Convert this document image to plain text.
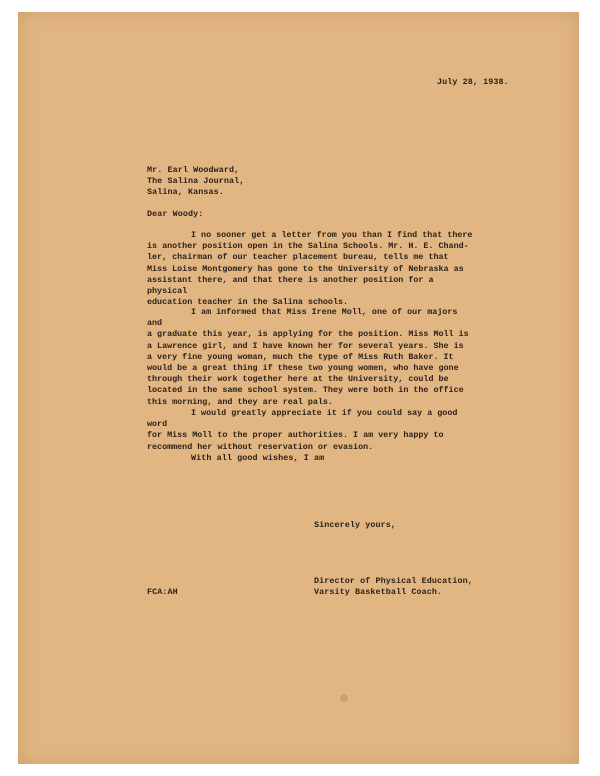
July 28, 1938.
Mr. Earl Woodward,
The Salina Journal,
Salina, Kansas.
Dear Woody:
I no sooner get a letter from you than I find that there
is another position open in the Salina Schools. Mr. H. E. Chand-
ler, chairman of our teacher placement bureau, tells me that
Miss Loise Montgomery has gone to the University of Nebraska as
assistant there, and that there is another position for a physical
education teacher in the Salina schools.
I am informed that Miss Irene Moll, one of our majors and
a graduate this year, is applying for the position. Miss Moll is
a Lawrence girl, and I have known her for several years. She is
a very fine young woman, much the type of Miss Ruth Baker. It
would be a great thing if these two young women, who have gone
through their work together here at the University, could be
located in the same school system. They were both in the office
this morning, and they are real pals.
I would greatly appreciate it if you could say a good word
for Miss Moll to the proper authorities. I am very happy to
recommend her without reservation or evasion.
With all good wishes, I am
Sincerely yours,
FCA:AH
Director of Physical Education,
Varsity Basketball Coach.
